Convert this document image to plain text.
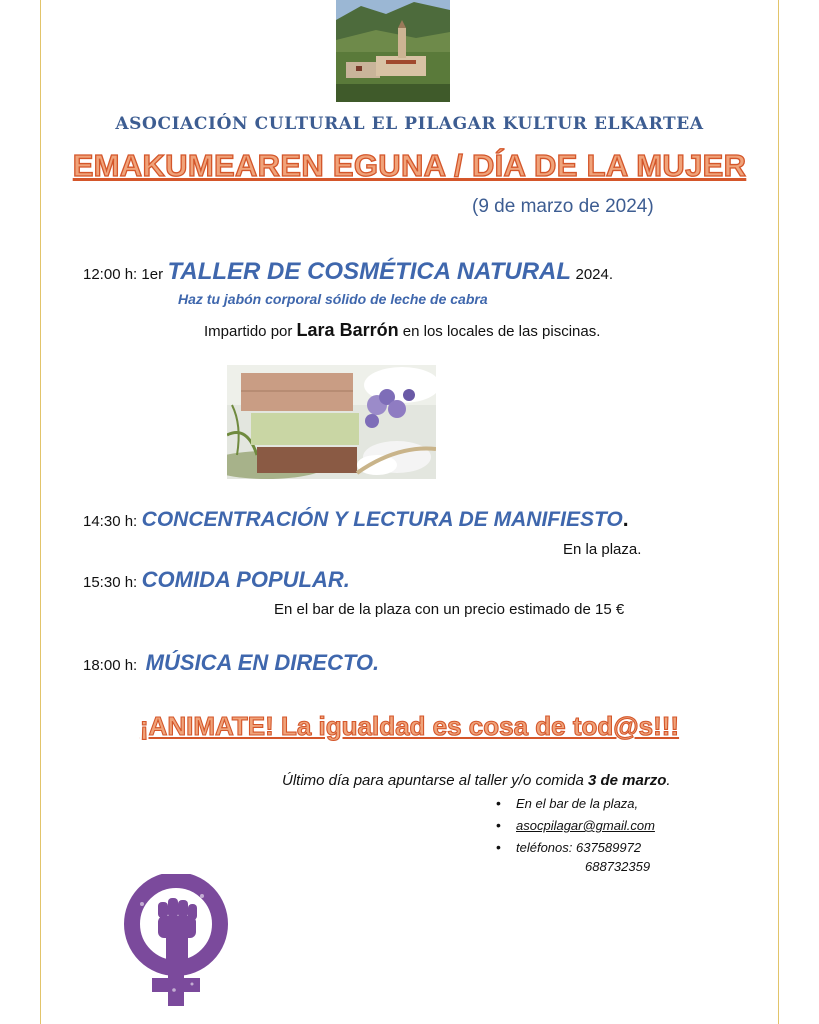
ASOCIACIÓN CULTURAL EL PILAGAR KULTUR ELKARTEA
EMAKUMEAREN EGUNA / DÍA DE LA MUJER
(9 de marzo de 2024)
12:00 h: 1er TALLER DE COSMÉTICA NATURAL 2024.
Haz tu jabón corporal sólido de leche de cabra
Impartido por Lara Barrón en los locales de las piscinas.
14:30 h: CONCENTRACIÓN Y LECTURA DE MANIFIESTO.
En la plaza.
15:30 h: COMIDA POPULAR.
En el bar de la plaza con un precio estimado de 15 €
18:00 h: MÚSICA EN DIRECTO.
¡ANIMATE! La igualdad es cosa de tod@s!!!
Último día para apuntarse al taller y/o comida 3 de marzo.
• En el bar de la plaza,
• asocpilagar@gmail.com
• teléfonos: 637589972
688732359
